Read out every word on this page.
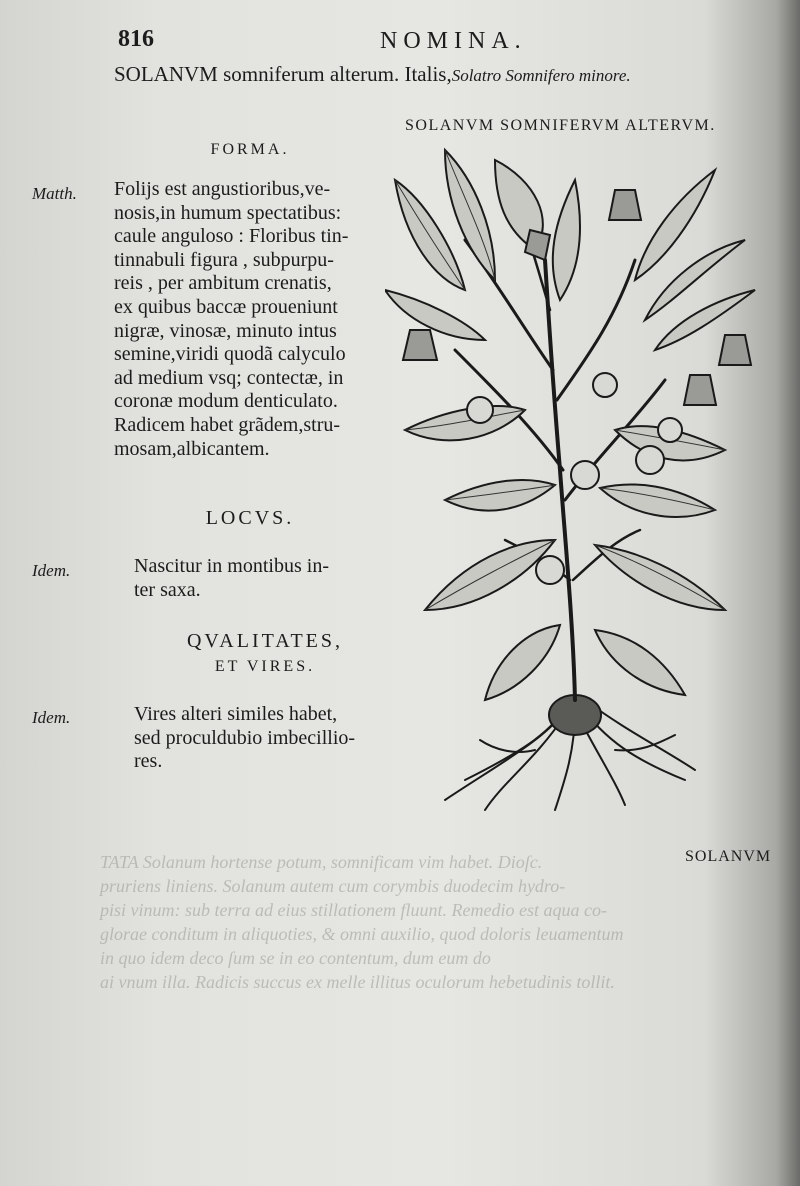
816	NOMINA.
SOLANVM somniferum alterum. Italis,Solatro Somnifero minore.
SOLANVM SOMNIFERVM ALTERVM.
FORMA.
Matth. Folijs est angustioribus,ve-
nosis,in humum spectatibus:
caule anguloso : Floribus tin-
tinnabuli figura , subpurpu-
reis , per ambitum crenatis,
ex quibus baccæ proueniunt
nigræ, vinosæ, minuto intus
semine,viridi quodã calyculo
ad medium vsq; contectæ, in
coronæ modum denticulato.
Radicem habet grãdem,stru-
mosam,albicantem.
LOCVS.
Idem.	Nascitur in montibus in-
ter saxa.
QVALITATES,
ET VIRES.
Idem.	Vires alteri similes habet,
sed proculdubio imbecillio-
res.
ΤΑΤΑ Solanum hortense potum, somnificam vim habet. Dioſc.
pruriens liniens. Solanum autem cum corymbis duodecim hydro-
pisi vinum: sub terra ad eius stillationem fluunt. Remedio est aqua co-
glorae conditum in aliquoties, & omni auxilio, quod doloris leuamentum
in quo idem deco ſum se in eo contentum, dum eum do
ai vnum illa. Radicis succus ex melle illitus oculorum hebetudinis tollit.
SOLANVM
